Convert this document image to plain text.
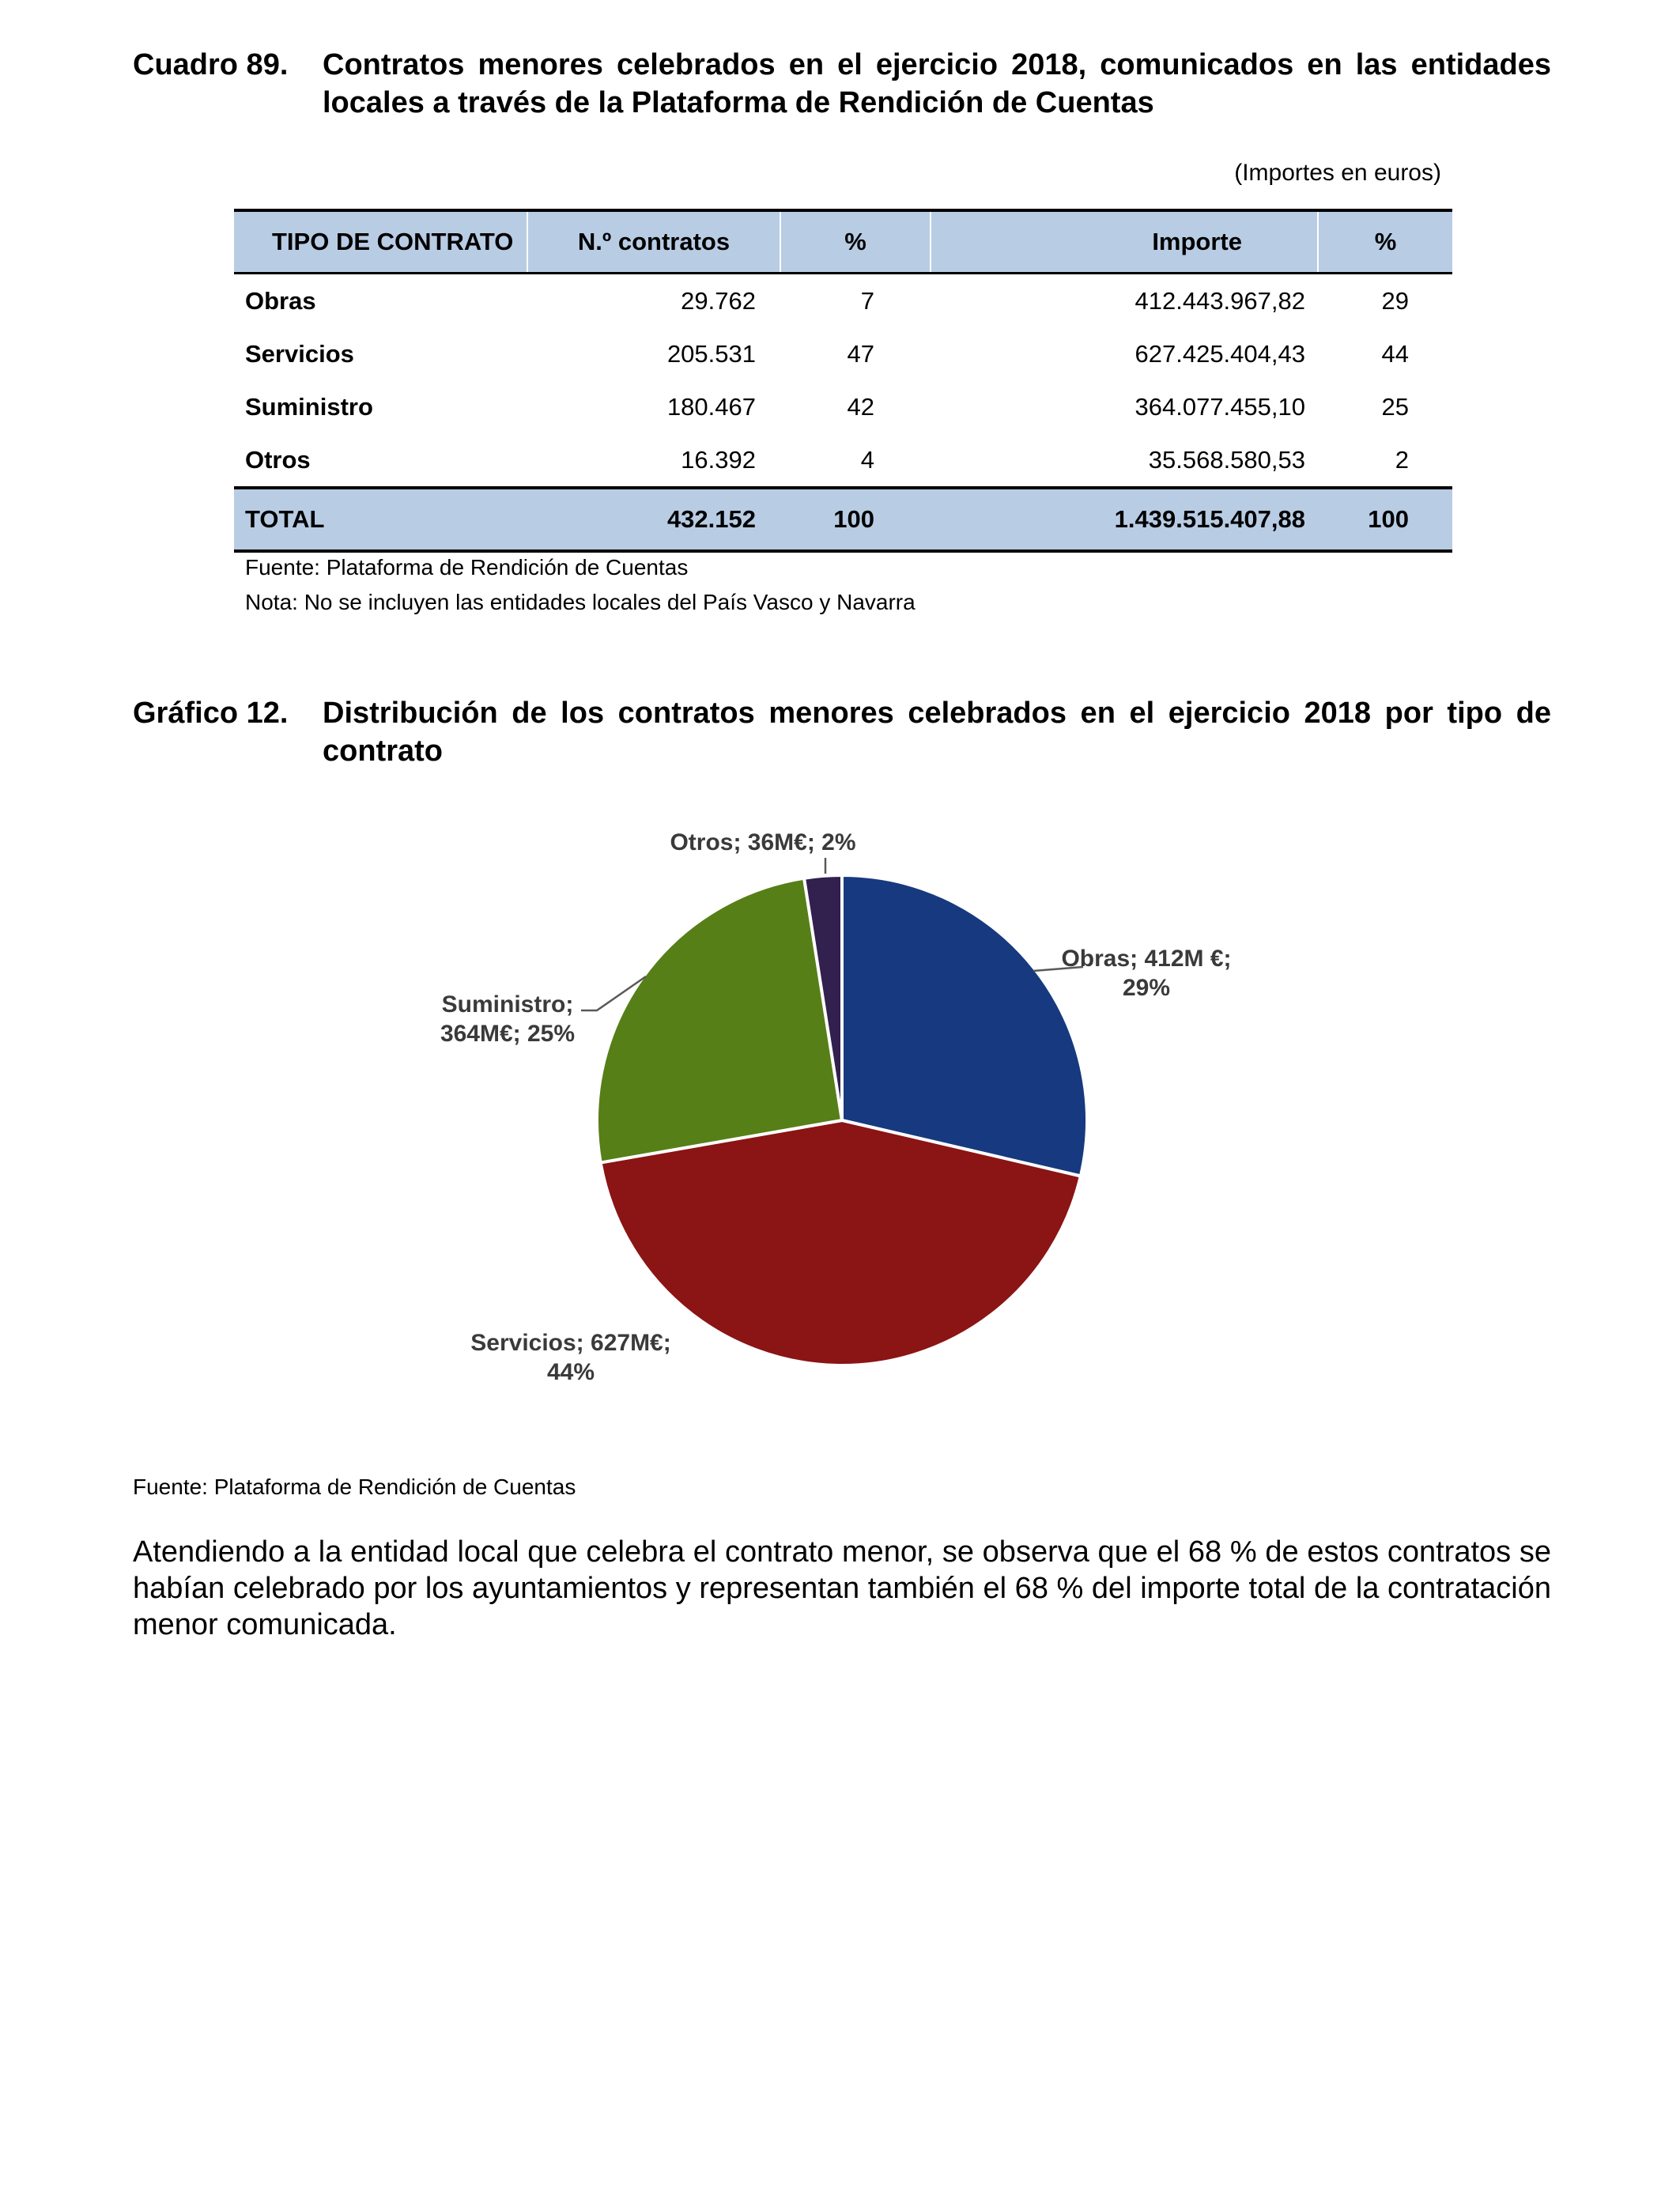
Cuadro 89. Contratos menores celebrados en el ejercicio 2018, comunicados en las entidades locales a través de la Plataforma de Rendición de Cuentas
(Importes en euros)
TIPO DE CONTRATO	N.º contratos	%	Importe	%
Obras	29.762	7	412.443.967,82	29
Servicios	205.531	47	627.425.404,43	44
Suministro	180.467	42	364.077.455,10	25
Otros	16.392	4	35.568.580,53	2
TOTAL	432.152	100	1.439.515.407,88	100
Fuente: Plataforma de Rendición de Cuentas
Nota: No se incluyen las entidades locales del País Vasco y Navarra
Gráfico 12. Distribución de los contratos menores celebrados en el ejercicio 2018 por tipo de contrato
Obras; 412M €; 29%
Servicios; 627M€; 44%
Suministro; 364M€; 25%
Otros; 36M€; 2%
Fuente: Plataforma de Rendición de Cuentas
Atendiendo a la entidad local que celebra el contrato menor, se observa que el 68 % de estos contratos se habían celebrado por los ayuntamientos y representan también el 68 % del importe total de la contratación menor comunicada.
